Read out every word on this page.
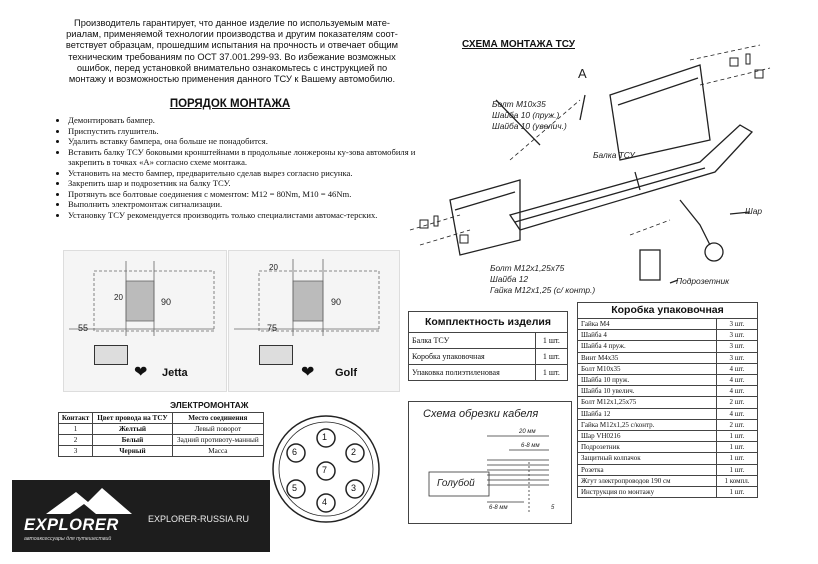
Производитель гарантирует, что данное изделие по используемым мате-
риалам, применяемой технологии производства и другим показателям соот-
ветствует образцам, прошедшим испытания на прочность и отвечает общим
техническим требованиям по ОСТ 37.001.299-93. Во избежание возможных
ошибок, перед установкой внимательно ознакомьтесь с инструкцией по
монтажу и возможностью применения данного ТСУ к Вашему автомобилю.
ПОРЯДОК МОНТАЖА
• Демонтировать бампер.
• Приспустить глушитель.
• Удалить вставку бампера, она больше не понадобится.
• Вставить балку ТСУ боковыми кронштейнами в продольные лонжероны ку-зова автомобиля и закрепить в точках «А» согласно схеме монтажа.
• Установить на место бампер, предварительно сделав вырез согласно рисунка.
• Закрепить шар и подрозетник на балку ТСУ.
• Протянуть все болтовые соединения с моментом: М12 = 80Nm, М10 = 46Nm.
• Выполнить электромонтаж сигнализации.
• Установку ТСУ рекомендуется производить только специалистами автомас-терских.
СХЕМА МОНТАЖА ТСУ
А
Болт М10х35
Шайба 10 (пруж.)
Шайба 10 (увелич.)
Балка ТСУ
Шар
Болт М12х1,25х75
Шайба 12
Гайка М12х1,25 (с/ контр.)
Подрозетник
20	90
55
❤ Jetta
20
90
75
❤ Golf
Комплектность изделия	
Балка ТСУ	1 шт.
Коробка упаковочная	1 шт.
Упаковка полиэтиленовая	1 шт.
Коробка упаковочная	
Гайка М4	3 шт.
Шайба 4	3 шт.
Шайба 4 пруж.	3 шт.
Винт М4х35	3 шт.
Болт М10х35	4 шт.
Шайба 10 пруж.	4 шт.
Шайба 10 увелич.	4 шт.
Болт М12х1,25х75	2 шт.
Шайба 12	4 шт.
Гайка М12х1,25 с/контр.	2 шт.
Шар VH0216	1 шт.
Подрозетник	1 шт.
Защитный колпачок	1 шт.
Розетка	1 шт.
Жгут электропроводов 190 см	1 компл.
Инструкция по монтажу	1 шт.
ЭЛЕКТРОМОНТАЖ
Контакт	Цвет провода на ТСУ	Место соединения
1	Желтый	Левый поворот
2	Белый	Задний противоту-манный
3	Черный	Масса
1
2
3
4
5
6
7
Схема обрезки кабеля
20 мм
6-8 мм
Голубой
6-8 мм	5
EXPLORER
автоаксессуары для путешествий
EXPLORER-RUSSIA.RU
